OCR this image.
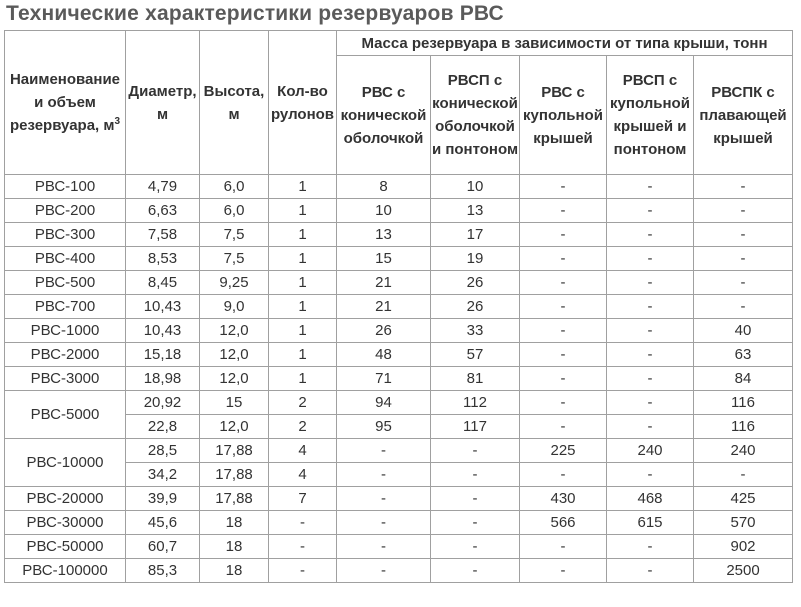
Технические характеристики резервуаров РВС
Наименование и объем резервуара, $м^3$	Диаметр, м	Высота, м	Кол-во рулонов	Масса резервуара в зависимости от типа крыши, тонн				
				РВС с конической оболочкой	РВСП с конической оболочкой и понтоном	РВС с купольной крышей	РВСП с купольной крышей и понтоном	РВСПК с плавающей крышей
РВС-100	4,79	6,0	1	8	10	-	-	-
РВС-200	6,63	6,0	1	10	13	-	-	-
РВС-300	7,58	7,5	1	13	17	-	-	-
РВС-400	8,53	7,5	1	15	19	-	-	-
РВС-500	8,45	9,25	1	21	26	-	-	-
РВС-700	10,43	9,0	1	21	26	-	-	-
РВС-1000	10,43	12,0	1	26	33	-	-	40
РВС-2000	15,18	12,0	1	48	57	-	-	63
РВС-3000	18,98	12,0	1	71	81	-	-	84
РВС-5000	20,92	15	2	94	112	-	-	116
	22,8	12,0	2	95	117	-	-	116
РВС-10000	28,5	17,88	4	-	-	225	240	240
	34,2	17,88	4	-	-	-	-	-
РВС-20000	39,9	17,88	7	-	-	430	468	425
РВС-30000	45,6	18	-	-	-	566	615	570
РВС-50000	60,7	18	-	-	-	-	-	902
РВС-100000	85,3	18	-	-	-	-	-	2500
